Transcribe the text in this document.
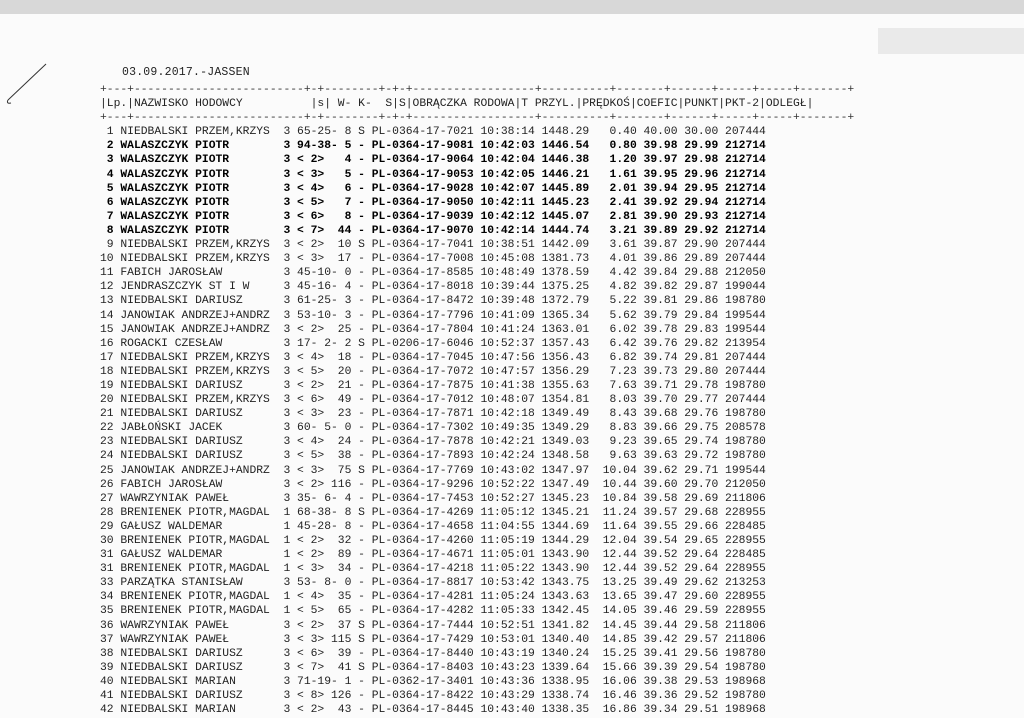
03.09.2017.-JASSEN
+---+-------------------------+-+--------+-+-+------------------+----------+-------+------+-----+-----+-------+
|Lp.|NAZWISKO HODOWCY          |s| W- K-  S|S|OBRĄCZKA RODOWA|T PRZYL.|PRĘDKOŚ|COEFIC|PUNKT|PKT-2|ODLEGŁ|
+---+-------------------------+-+--------+-+-+------------------+----------+-------+------+-----+-----+-------+
1 NIEDBALSKI PRZEM,KRZYS  3 65-25- 8 S PL-0364-17-7021 10:38:14 1448.29   0.40 40.00 30.00 207444
2 WALASZCZYK PIOTR        3 94-38- 5 - PL-0364-17-9081 10:42:03 1446.54   0.80 39.98 29.99 212714
3 WALASZCZYK PIOTR        3 < 2>   4 - PL-0364-17-9064 10:42:04 1446.38   1.20 39.97 29.98 212714
4 WALASZCZYK PIOTR        3 < 3>   5 - PL-0364-17-9053 10:42:05 1446.21   1.61 39.95 29.96 212714
5 WALASZCZYK PIOTR        3 < 4>   6 - PL-0364-17-9028 10:42:07 1445.89   2.01 39.94 29.95 212714
6 WALASZCZYK PIOTR        3 < 5>   7 - PL-0364-17-9050 10:42:11 1445.23   2.41 39.92 29.94 212714
7 WALASZCZYK PIOTR        3 < 6>   8 - PL-0364-17-9039 10:42:12 1445.07   2.81 39.90 29.93 212714
8 WALASZCZYK PIOTR        3 < 7>  44 - PL-0364-17-9070 10:42:14 1444.74   3.21 39.89 29.92 212714
9 NIEDBALSKI PRZEM,KRZYS  3 < 2>  10 S PL-0364-17-7041 10:38:51 1442.09   3.61 39.87 29.90 207444
10 NIEDBALSKI PRZEM,KRZYS  3 < 3>  17 - PL-0364-17-7008 10:45:08 1381.73   4.01 39.86 29.89 207444
11 FABICH JAROSŁAW         3 45-10- 0 - PL-0364-17-8585 10:48:49 1378.59   4.42 39.84 29.88 212050
12 JENDRASZCZYK ST I W     3 45-16- 4 - PL-0364-17-8018 10:39:44 1375.25   4.82 39.82 29.87 199044
13 NIEDBALSKI DARIUSZ      3 61-25- 3 - PL-0364-17-8472 10:39:48 1372.79   5.22 39.81 29.86 198780
14 JANOWIAK ANDRZEJ+ANDRZ  3 53-10- 3 - PL-0364-17-7796 10:41:09 1365.34   5.62 39.79 29.84 199544
15 JANOWIAK ANDRZEJ+ANDRZ  3 < 2>  25 - PL-0364-17-7804 10:41:24 1363.01   6.02 39.78 29.83 199544
16 ROGACKI CZESŁAW         3 17- 2- 2 S PL-0206-17-6046 10:52:37 1357.43   6.42 39.76 29.82 213954
17 NIEDBALSKI PRZEM,KRZYS  3 < 4>  18 - PL-0364-17-7045 10:47:56 1356.43   6.82 39.74 29.81 207444
18 NIEDBALSKI PRZEM,KRZYS  3 < 5>  20 - PL-0364-17-7072 10:47:57 1356.29   7.23 39.73 29.80 207444
19 NIEDBALSKI DARIUSZ      3 < 2>  21 - PL-0364-17-7875 10:41:38 1355.63   7.63 39.71 29.78 198780
20 NIEDBALSKI PRZEM,KRZYS  3 < 6>  49 - PL-0364-17-7012 10:48:07 1354.81   8.03 39.70 29.77 207444
21 NIEDBALSKI DARIUSZ      3 < 3>  23 - PL-0364-17-7871 10:42:18 1349.49   8.43 39.68 29.76 198780
22 JABŁOŃSKI JACEK         3 60- 5- 0 - PL-0364-17-7302 10:49:35 1349.29   8.83 39.66 29.75 208578
23 NIEDBALSKI DARIUSZ      3 < 4>  24 - PL-0364-17-7878 10:42:21 1349.03   9.23 39.65 29.74 198780
24 NIEDBALSKI DARIUSZ      3 < 5>  38 - PL-0364-17-7893 10:42:24 1348.58   9.63 39.63 29.72 198780
25 JANOWIAK ANDRZEJ+ANDRZ  3 < 3>  75 S PL-0364-17-7769 10:43:02 1347.97  10.04 39.62 29.71 199544
26 FABICH JAROSŁAW         3 < 2> 116 - PL-0364-17-9296 10:52:22 1347.49  10.44 39.60 29.70 212050
27 WAWRZYNIAK PAWEŁ        3 35- 6- 4 - PL-0364-17-7453 10:52:27 1345.23  10.84 39.58 29.69 211806
28 BRENIENEK PIOTR,MAGDAL  1 68-38- 8 S PL-0364-17-4269 11:05:12 1345.21  11.24 39.57 29.68 228955
29 GAŁUSZ WALDEMAR         1 45-28- 8 - PL-0364-17-4658 11:04:55 1344.69  11.64 39.55 29.66 228485
30 BRENIENEK PIOTR,MAGDAL  1 < 2>  32 - PL-0364-17-4260 11:05:19 1344.29  12.04 39.54 29.65 228955
31 GAŁUSZ WALDEMAR         1 < 2>  89 - PL-0364-17-4671 11:05:01 1343.90  12.44 39.52 29.64 228485
31 BRENIENEK PIOTR,MAGDAL  1 < 3>  34 - PL-0364-17-4218 11:05:22 1343.90  12.44 39.52 29.64 228955
33 PARZĄTKA STANISŁAW      3 53- 8- 0 - PL-0364-17-8817 10:53:42 1343.75  13.25 39.49 29.62 213253
34 BRENIENEK PIOTR,MAGDAL  1 < 4>  35 - PL-0364-17-4281 11:05:24 1343.63  13.65 39.47 29.60 228955
35 BRENIENEK PIOTR,MAGDAL  1 < 5>  65 - PL-0364-17-4282 11:05:33 1342.45  14.05 39.46 29.59 228955
36 WAWRZYNIAK PAWEŁ        3 < 2>  37 S PL-0364-17-7444 10:52:51 1341.82  14.45 39.44 29.58 211806
37 WAWRZYNIAK PAWEŁ        3 < 3> 115 S PL-0364-17-7429 10:53:01 1340.40  14.85 39.42 29.57 211806
38 NIEDBALSKI DARIUSZ      3 < 6>  39 - PL-0364-17-8440 10:43:19 1340.24  15.25 39.41 29.56 198780
39 NIEDBALSKI DARIUSZ      3 < 7>  41 S PL-0364-17-8403 10:43:23 1339.64  15.66 39.39 29.54 198780
40 NIEDBALSKI MARIAN       3 71-19- 1 - PL-0362-17-3401 10:43:36 1338.95  16.06 39.38 29.53 198968
41 NIEDBALSKI DARIUSZ      3 < 8> 126 - PL-0364-17-8422 10:43:29 1338.74  16.46 39.36 29.52 198780
42 NIEDBALSKI MARIAN       3 < 2>  43 - PL-0364-17-8445 10:43:40 1338.35  16.86 39.34 29.51 198968
